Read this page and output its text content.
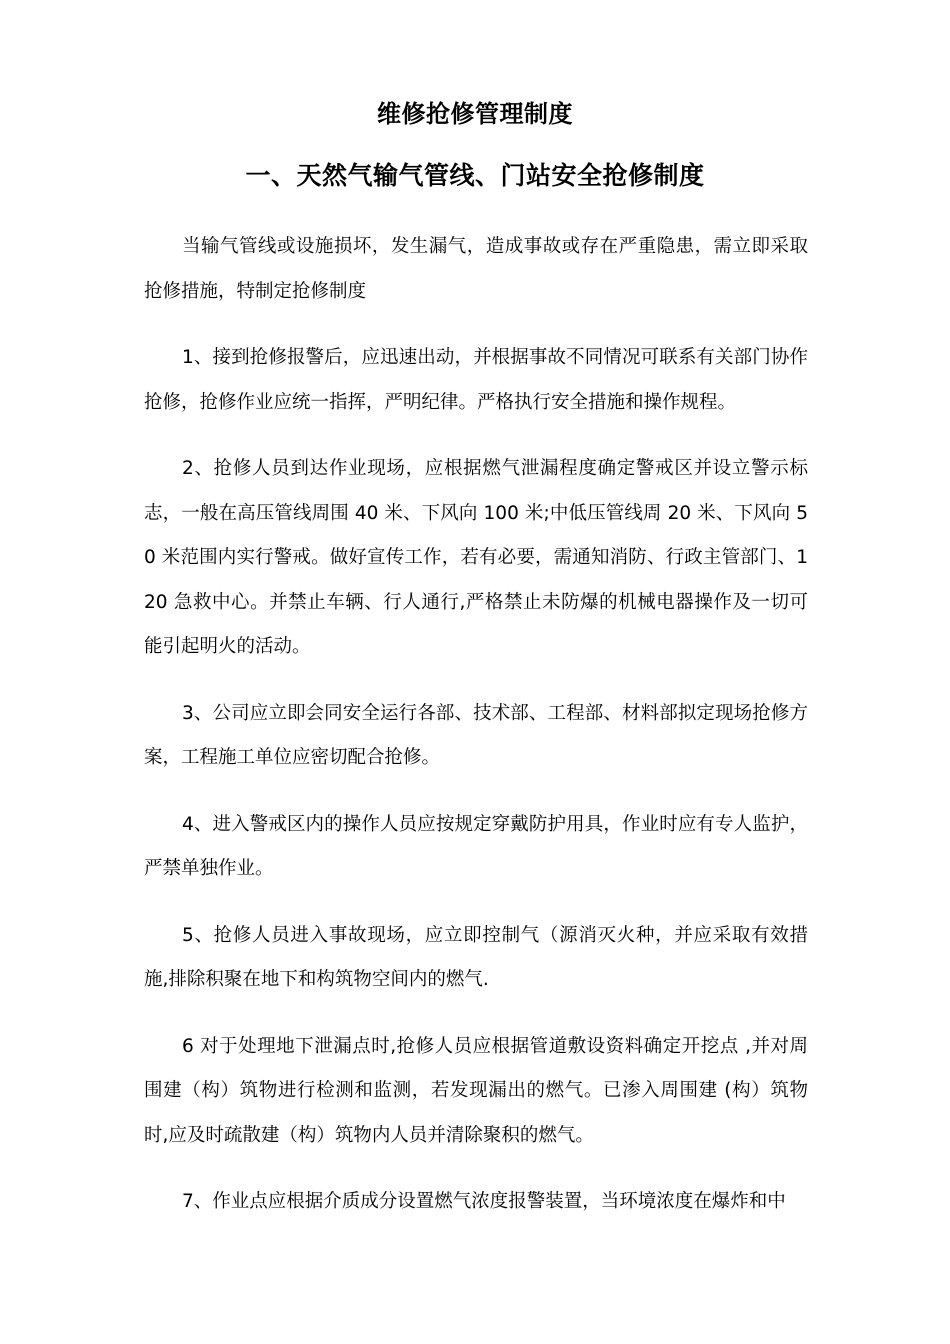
维修抢修管理制度
一、天然气输气管线、门站安全抢修制度

当输气管线或设施损坏，发生漏气，造成事故或存在严重隐患，需立即采取抢修措施，特制定抢修制度

1、接到抢修报警后，应迅速出动，并根据事故不同情况可联系有关部门协作抢修，抢修作业应统一指挥，严明纪律。严格执行安全措施和操作规程。

2、抢修人员到达作业现场，应根据燃气泄漏程度确定警戒区并设立警示标志，一般在高压管线周围 40 米、下风向 100 米;中低压管线周 20 米、下风向 50 米范围内实行警戒。做好宣传工作，若有必要，需通知消防、行政主管部门、120 急救中心。并禁止车辆、行人通行,严格禁止未防爆的机械电器操作及一切可能引起明火的活动。

3、公司应立即会同安全运行各部、技术部、工程部、材料部拟定现场抢修方案，工程施工单位应密切配合抢修。

4、进入警戒区内的操作人员应按规定穿戴防护用具，作业时应有专人监护，严禁单独作业。

5、抢修人员进入事故现场，应立即控制气（源消灭火种，并应采取有效措施,排除积聚在地下和构筑物空间内的燃气.

6 对于处理地下泄漏点时,抢修人员应根据管道敷设资料确定开挖点 ,并对周围建（构）筑物进行检测和监测，若发现漏出的燃气。已渗入周围建 (构）筑物时,应及时疏散建（构）筑物内人员并清除聚积的燃气。

7、作业点应根据介质成分设置燃气浓度报警装置，当环境浓度在爆炸和中
